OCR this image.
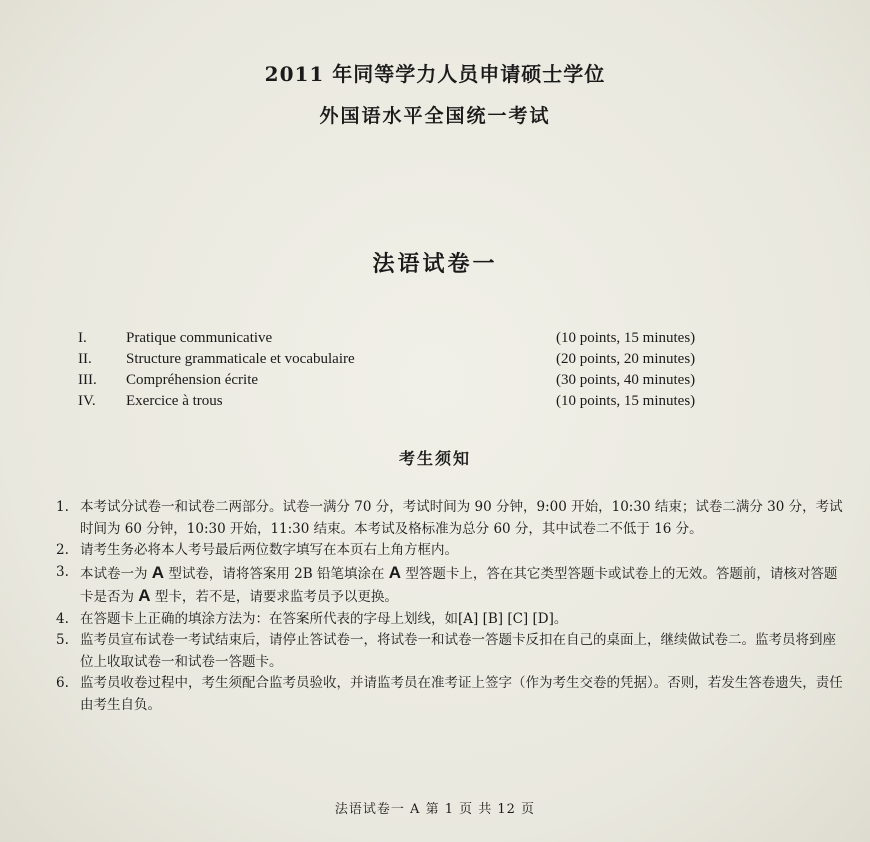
2011 年同等学力人员申请硕士学位
外国语水平全国统一考试
法语试卷一
I.	Pratique communicative	(10 points, 15 minutes)
II.	Structure grammaticale et vocabulaire	(20 points, 20 minutes)
III.	Compréhension écrite	(30 points, 40 minutes)
IV.	Exercice à trous	(10 points, 15 minutes)
考生须知
1. 本考试分试卷一和试卷二两部分。试卷一满分 70 分，考试时间为 90 分钟，9:00 开始，10:30 结束；试卷二满分 30 分，考试时间为 60 分钟，10:30 开始，11:30 结束。本考试及格标准为总分 60 分，其中试卷二不低于 16 分。
2. 请考生务必将本人考号最后两位数字填写在本页右上角方框内。
3. 本试卷一为 A 型试卷，请将答案用 2B 铅笔填涂在 A 型答题卡上，答在其它类型答题卡或试卷上的无效。答题前，请核对答题卡是否为 A 型卡，若不是，请要求监考员予以更换。
4. 在答题卡上正确的填涂方法为：在答案所代表的字母上划线，如[A] [B] [C] [D]。
5. 监考员宣布试卷一考试结束后，请停止答试卷一，将试卷一和试卷一答题卡反扣在自己的桌面上，继续做试卷二。监考员将到座位上收取试卷一和试卷一答题卡。
6. 监考员收卷过程中，考生须配合监考员验收，并请监考员在准考证上签字（作为考生交卷的凭据）。否则，若发生答卷遗失，责任由考生自负。
法语试卷一 A 第 1 页 共 12 页
